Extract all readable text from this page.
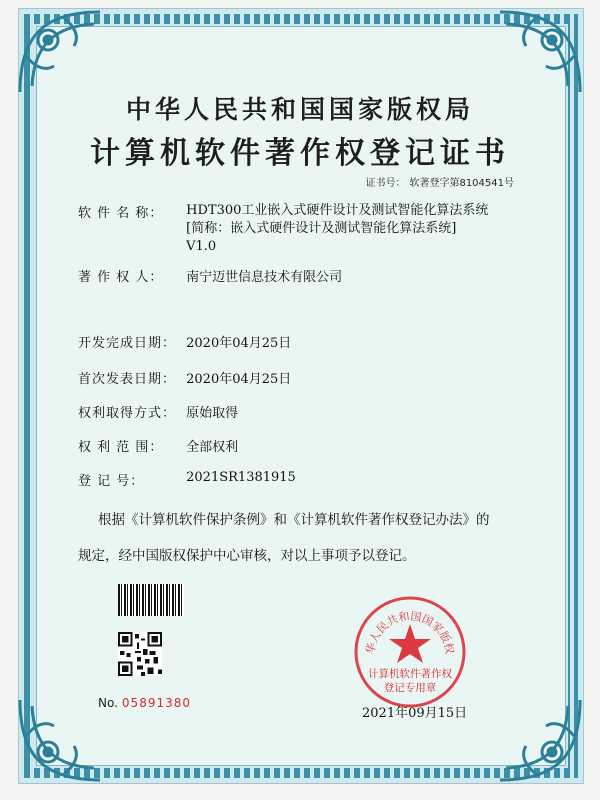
中华人民共和国国家版权局
计算机软件著作权登记证书
证书号： 软著登字第8104541号
软 件 名 称： HDT300工业嵌入式硬件设计及测试智能化算法系统
[简称：嵌入式硬件设计及测试智能化算法系统]
V1.0
著 作 权 人： 南宁迈世信息技术有限公司
开发完成日期： 2020年04月25日
首次发表日期： 2020年04月25日
权利取得方式： 原始取得
权 利 范 围： 全部权利
登 记 号：	2021SR1381915
根据《计算机软件保护条例》和《计算机软件著作权登记办法》的
规定，经中国版权保护中心审核，对以上事项予以登记。
No. 05891380
华人民共和国国家版权
计算机软件著作权
登记专用章
2021年09月15日
